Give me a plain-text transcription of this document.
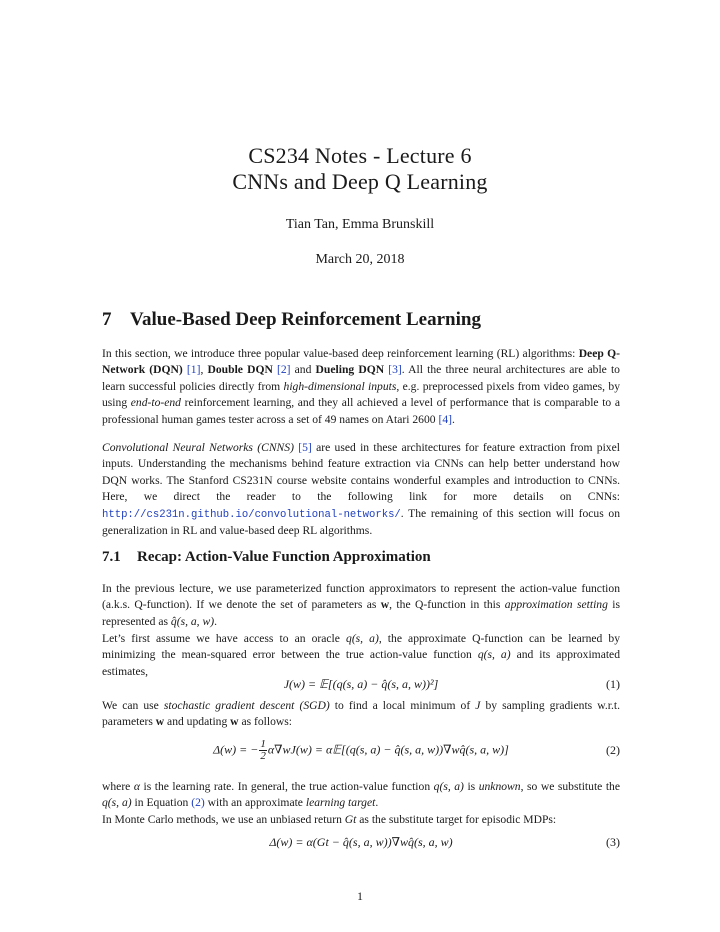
CS234 Notes - Lecture 6
CNNs and Deep Q Learning
Tian Tan, Emma Brunskill
March 20, 2018
7 Value-Based Deep Reinforcement Learning
In this section, we introduce three popular value-based deep reinforcement learning (RL) algorithms: Deep Q-Network (DQN) [1], Double DQN [2] and Dueling DQN [3]. All the three neural architectures are able to learn successful policies directly from high-dimensional inputs, e.g. preprocessed pixels from video games, by using end-to-end reinforcement learning, and they all achieved a level of performance that is comparable to a professional human games tester across a set of 49 names on Atari 2600 [4].
Convolutional Neural Networks (CNNS) [5] are used in these architectures for feature extraction from pixel inputs. Understanding the mechanisms behind feature extraction via CNNs can help better understand how DQN works. The Stanford CS231N course website contains wonderful examples and introduction to CNNs. Here, we direct the reader to the following link for more details on CNNs: http://cs231n.github.io/convolutional-networks/. The remaining of this section will focus on generalization in RL and value-based deep RL algorithms.
7.1 Recap: Action-Value Function Approximation
In the previous lecture, we use parameterized function approximators to represent the action-value function (a.k.s. Q-function). If we denote the set of parameters as w, the Q-function in this approximation setting is represented as q̂(s, a, w).
Let’s first assume we have access to an oracle q(s, a), the approximate Q-function can be learned by minimizing the mean-squared error between the true action-value function q(s, a) and its approximated estimates,
J(w) = 𝔼[(q(s, a) − q̂(s, a, w))²]	(1)
We can use stochastic gradient descent (SGD) to find a local minimum of J by sampling gradients w.r.t. parameters w and updating w as follows:
Δ(w) = − $\frac{1}{2} \alpha\nabla wJ(w)$ = α𝔼[(q(s, a) − q̂(s, a, w))∇wq̂(s, a, w)]	(2)
where α is the learning rate. In general, the true action-value function q(s, a) is unknown, so we substitute the q(s, a) in Equation (2) with an approximate learning target.
In Monte Carlo methods, we use an unbiased return Gt as the substitute target for episodic MDPs:
Δ(w) = α(Gt − q̂(s, a, w))∇wq̂(s, a, w)	(3)
1
